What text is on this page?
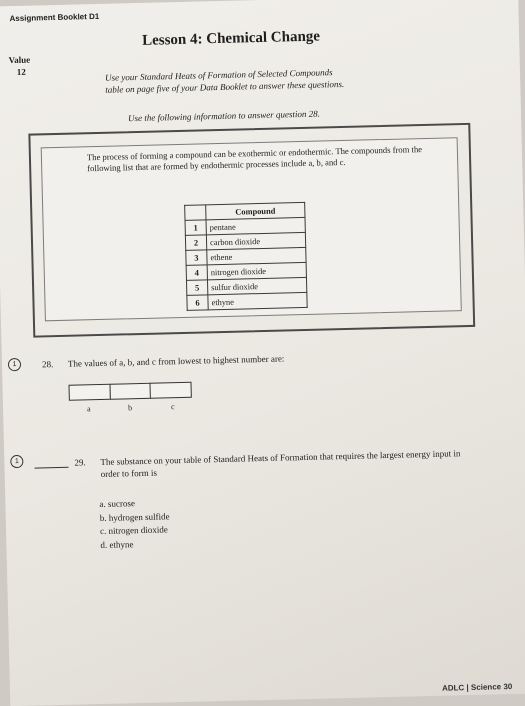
Assignment Booklet D1
Lesson 4: Chemical Change
Value
12	Use your Standard Heats of Formation of Selected Compounds
table on page five of your Data Booklet to answer these questions.
Use the following information to answer question 28.
The process of forming a compound can be exothermic or endothermic. The compounds from the following list that are formed by endothermic processes include a, b, and c.
	Compound
1	pentane
2	carbon dioxide
3	ethene
4	nitrogen dioxide
5	sulfur dioxide
6	ethyne
1	28. The values of a, b, and c from lowest to highest number are:
a	b	c
1	29. The substance on your table of Standard Heats of Formation that requires the largest energy input in order to form is
a. sucrose
b. hydrogen sulfide
c. nitrogen dioxide
d. ethyne
ADLC | Science 30
